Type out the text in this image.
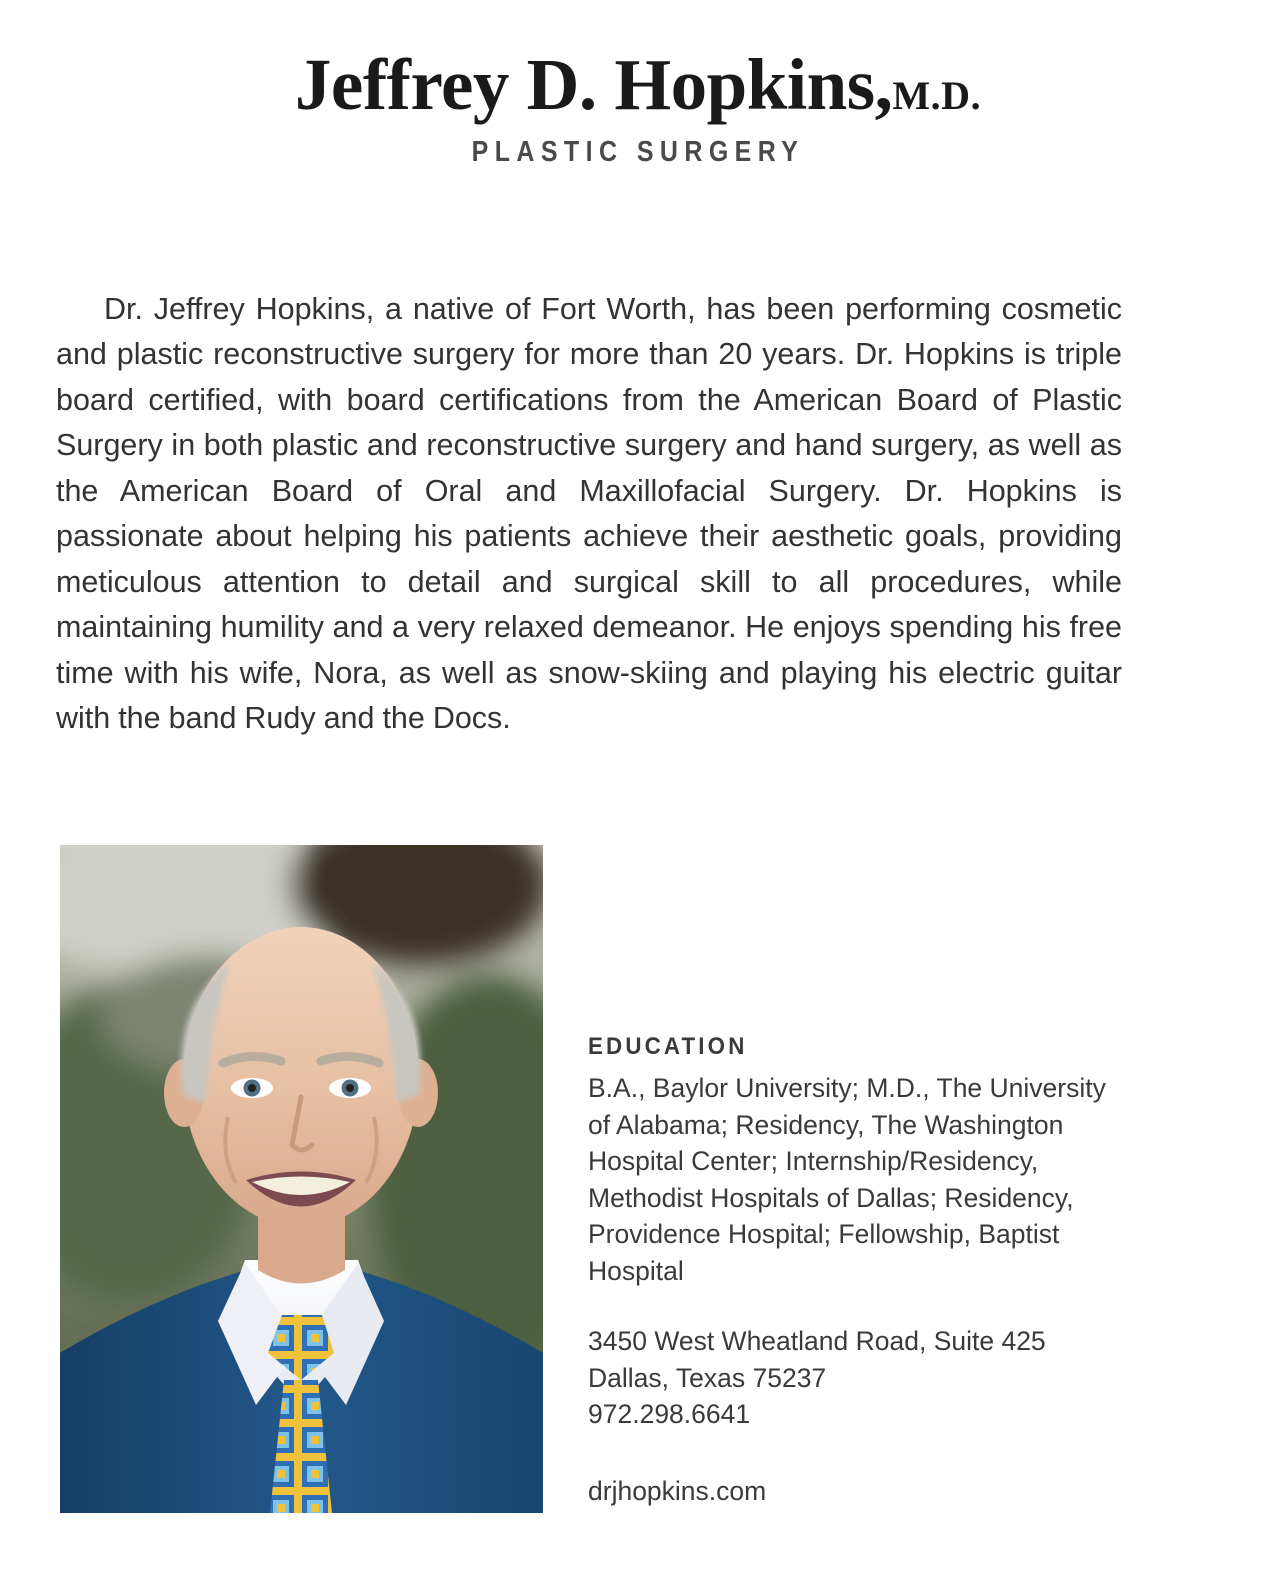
Jeffrey D. Hopkins,M.D.
PLASTIC SURGERY

Dr. Jeffrey Hopkins, a native of Fort Worth, has been performing cosmetic and plastic reconstructive surgery for more than 20 years. Dr. Hopkins is triple board certified, with board certifications from the American Board of Plastic Surgery in both plastic and reconstructive surgery and hand surgery, as well as the American Board of Oral and Maxillofacial Surgery. Dr. Hopkins is passionate about helping his patients achieve their aesthetic goals, providing meticulous attention to detail and surgical skill to all procedures, while maintaining humility and a very relaxed demeanor. He enjoys spending his free time with his wife, Nora, as well as snow-skiing and playing his electric guitar with the band Rudy and the Docs.

EDUCATION
B.A., Baylor University; M.D., The University of Alabama; Residency, The Washington Hospital Center; Internship/Residency, Methodist Hospitals of Dallas; Residency, Providence Hospital; Fellowship, Baptist Hospital
3450 West Wheatland Road, Suite 425
Dallas, Texas 75237
972.298.6641
drjhopkins.com
